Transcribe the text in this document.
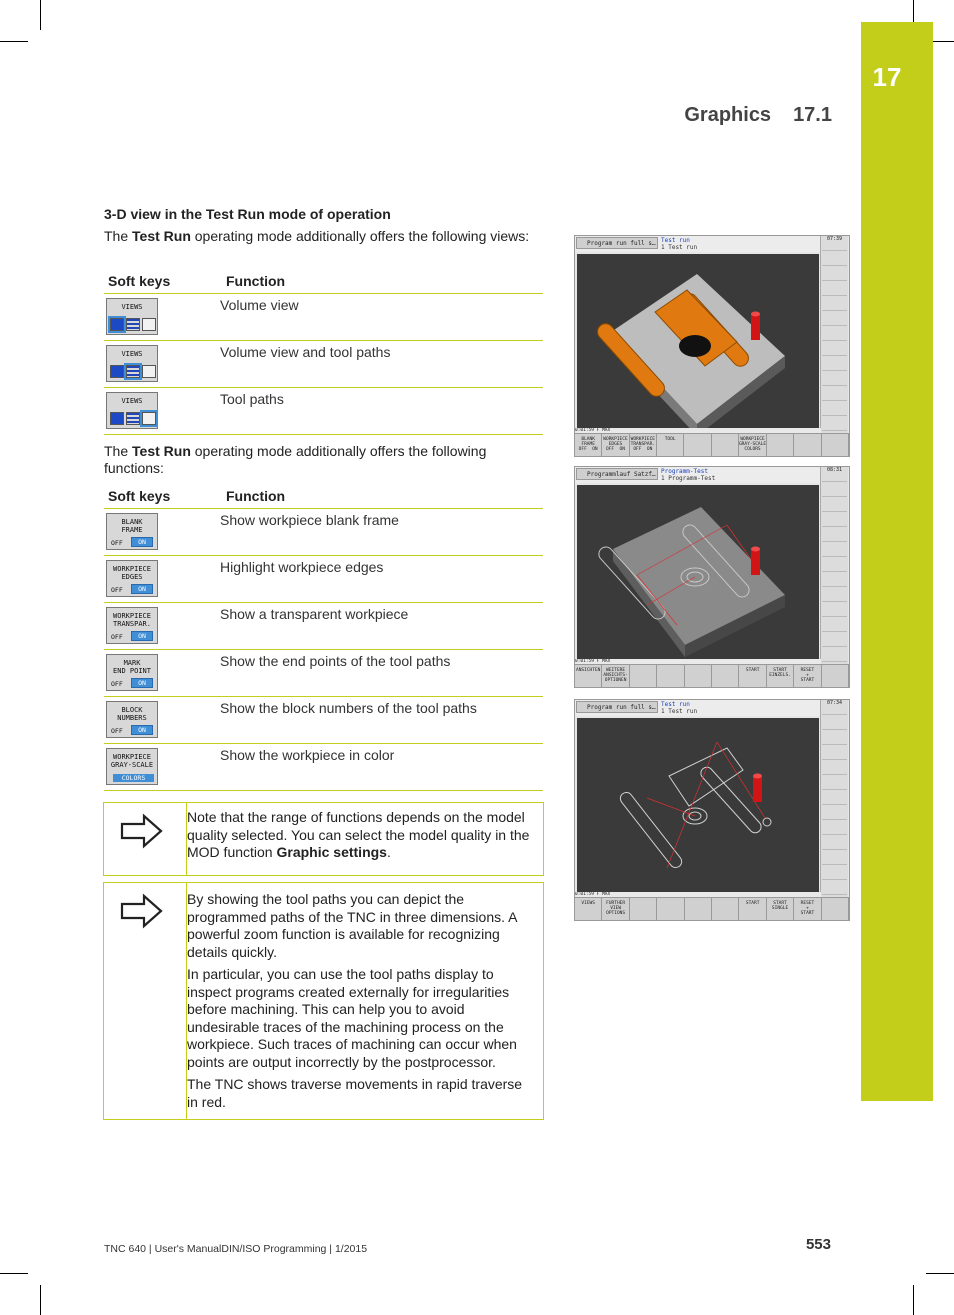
17
Graphics 17.1
3-D view in the Test Run mode of operation
The Test Run operating mode additionally offers the following views:
Soft keys	Function

VIEWS	Volume view

VIEWS	Volume view and tool paths

VIEWS	Tool paths
The Test Run operating mode additionally offers the following functions:
Soft keys	Function

BLANK
FRAME
OFF ON	Show workpiece blank frame

WORKPIECE
EDGES
OFF ON	Highlight workpiece edges

WORKPIECE
TRANSPAR.
OFF ON	Show a transparent workpiece

MARK
END POINT
OFF ON	Show the end points of the tool paths

BLOCK
NUMBERS
OFF ON	Show the block numbers of the tool paths

WORKPIECE
GRAY-SCALE
COLORS	Show the workpiece in color
Note that the range of functions depends on the model quality selected. You can select the model quality in the MOD function Graphic settings.

By showing the tool paths you can depict the programmed paths of the TNC in three dimensions. A powerful zoom function is available for recognizing details quickly.

In particular, you can use the tool paths display to inspect programs created externally for irregularities before machining. This can help you to avoid undesirable traces of the machining process on the workpiece. Such traces of machining can occur when points are output incorrectly by the postprocessor.

The TNC shows traverse movements in rapid traverse in red.

Program run full s… Test run
1 Test run
07:39
0:01:59 F MAX
BLANK
FRAME
OFF  ON
WORKPIECE
EDGES
OFF  ON
WORKPIECE
TRANSPAR.
OFF  ON
TOOL	WORKPIECE
GRAY-SCALE
COLORS
Programmlauf Satzf… Programm-Test
1 Programm-Test
08:31
0:01:59 F MAX
ANSICHTEN	WEITERE
ANSICHTS-
OPTIONEN
START	START
EINZELS.
RESET
+
START
Program run full s… Test run
1 Test run
07:34
0:01:59 F MAX
VIEWS	FURTHER
VIEW
OPTIONS
START	START
SINGLE
RESET
+
START
TNC 640 | User's ManualDIN/ISO Programming | 1/2015	553
